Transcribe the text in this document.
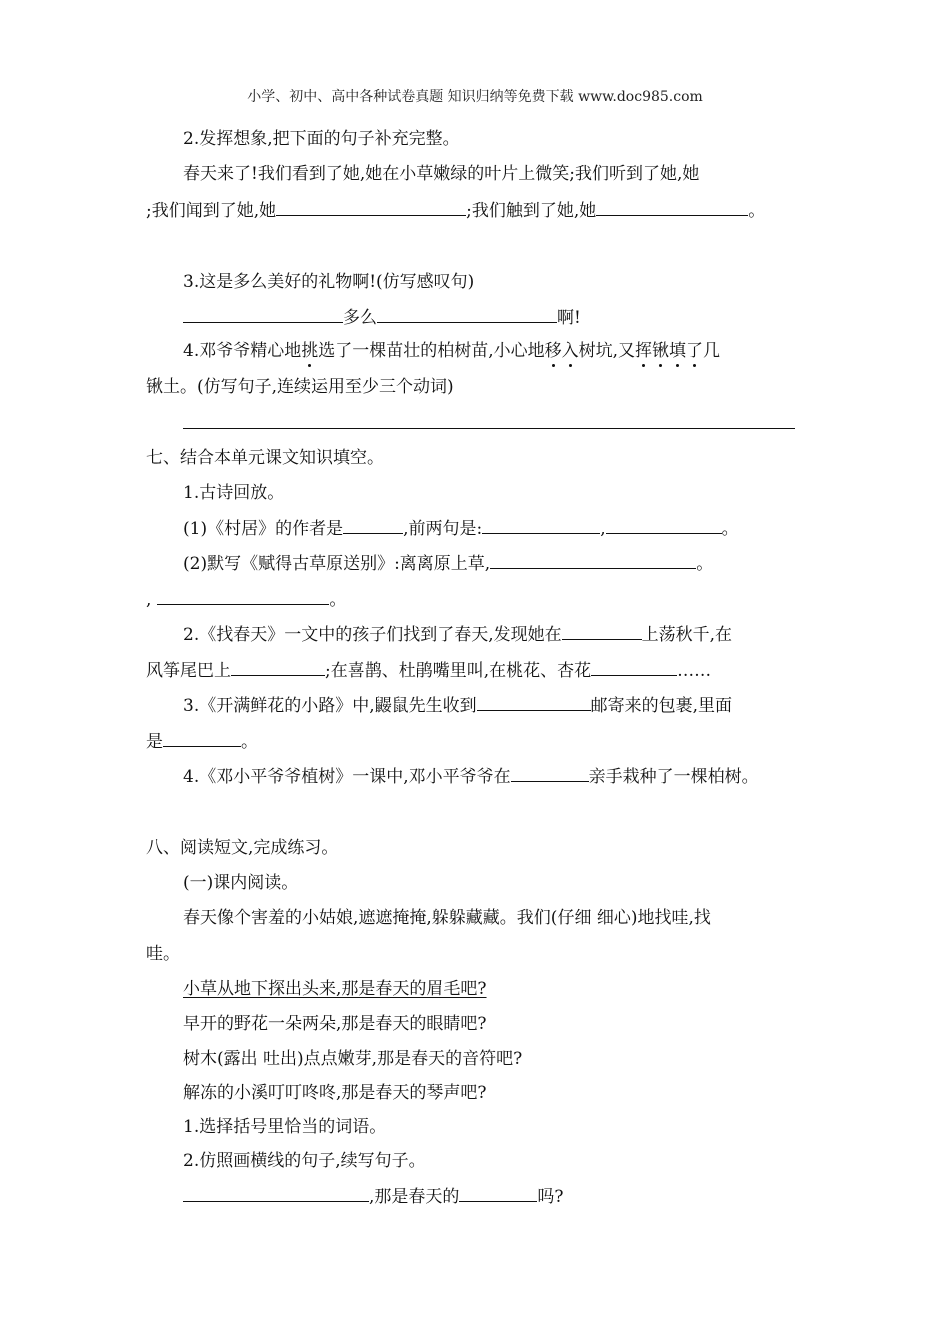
小学、初中、高中各种试卷真题 知识归纳等免费下载 www.doc985.com
2.发挥想象,把下面的句子补充完整。
春天来了!我们看到了她,她在小草嫩绿的叶片上微笑;我们听到了她,她
;我们闻到了她,她	;我们触到了她,她	。
3.这是多么美好的礼物啊!(仿写感叹句)
多么	啊!
4.邓爷爷精心地挑选了一棵苗壮的柏树苗,小心地移入树坑,又挥锹填了几
锹土。(仿写句子,连续运用至少三个动词)
七、结合本单元课文知识填空。
1.古诗回放。
(1)《村居》的作者是	,前两句是:	,	。
(2)默写《赋得古草原送别》:离离原上草,	。
,	。
2.《找春天》一文中的孩子们找到了春天,发现她在	上荡秋千,在
风筝尾巴上	;在喜鹊、杜鹃嘴里叫,在桃花、杏花	……
3.《开满鲜花的小路》中,鼹鼠先生收到	邮寄来的包裹,里面
是	。
4.《邓小平爷爷植树》一课中,邓小平爷爷在	亲手栽种了一棵柏树。
八、阅读短文,完成练习。
(一)课内阅读。
春天像个害羞的小姑娘,遮遮掩掩,躲躲藏藏。我们(仔细 细心)地找哇,找
哇。
小草从地下探出头来,那是春天的眉毛吧?
早开的野花一朵两朵,那是春天的眼睛吧?
树木(露出 吐出)点点嫩芽,那是春天的音符吧?
解冻的小溪叮叮咚咚,那是春天的琴声吧?
1.选择括号里恰当的词语。
2.仿照画横线的句子,续写句子。
,那是春天的	吗?
